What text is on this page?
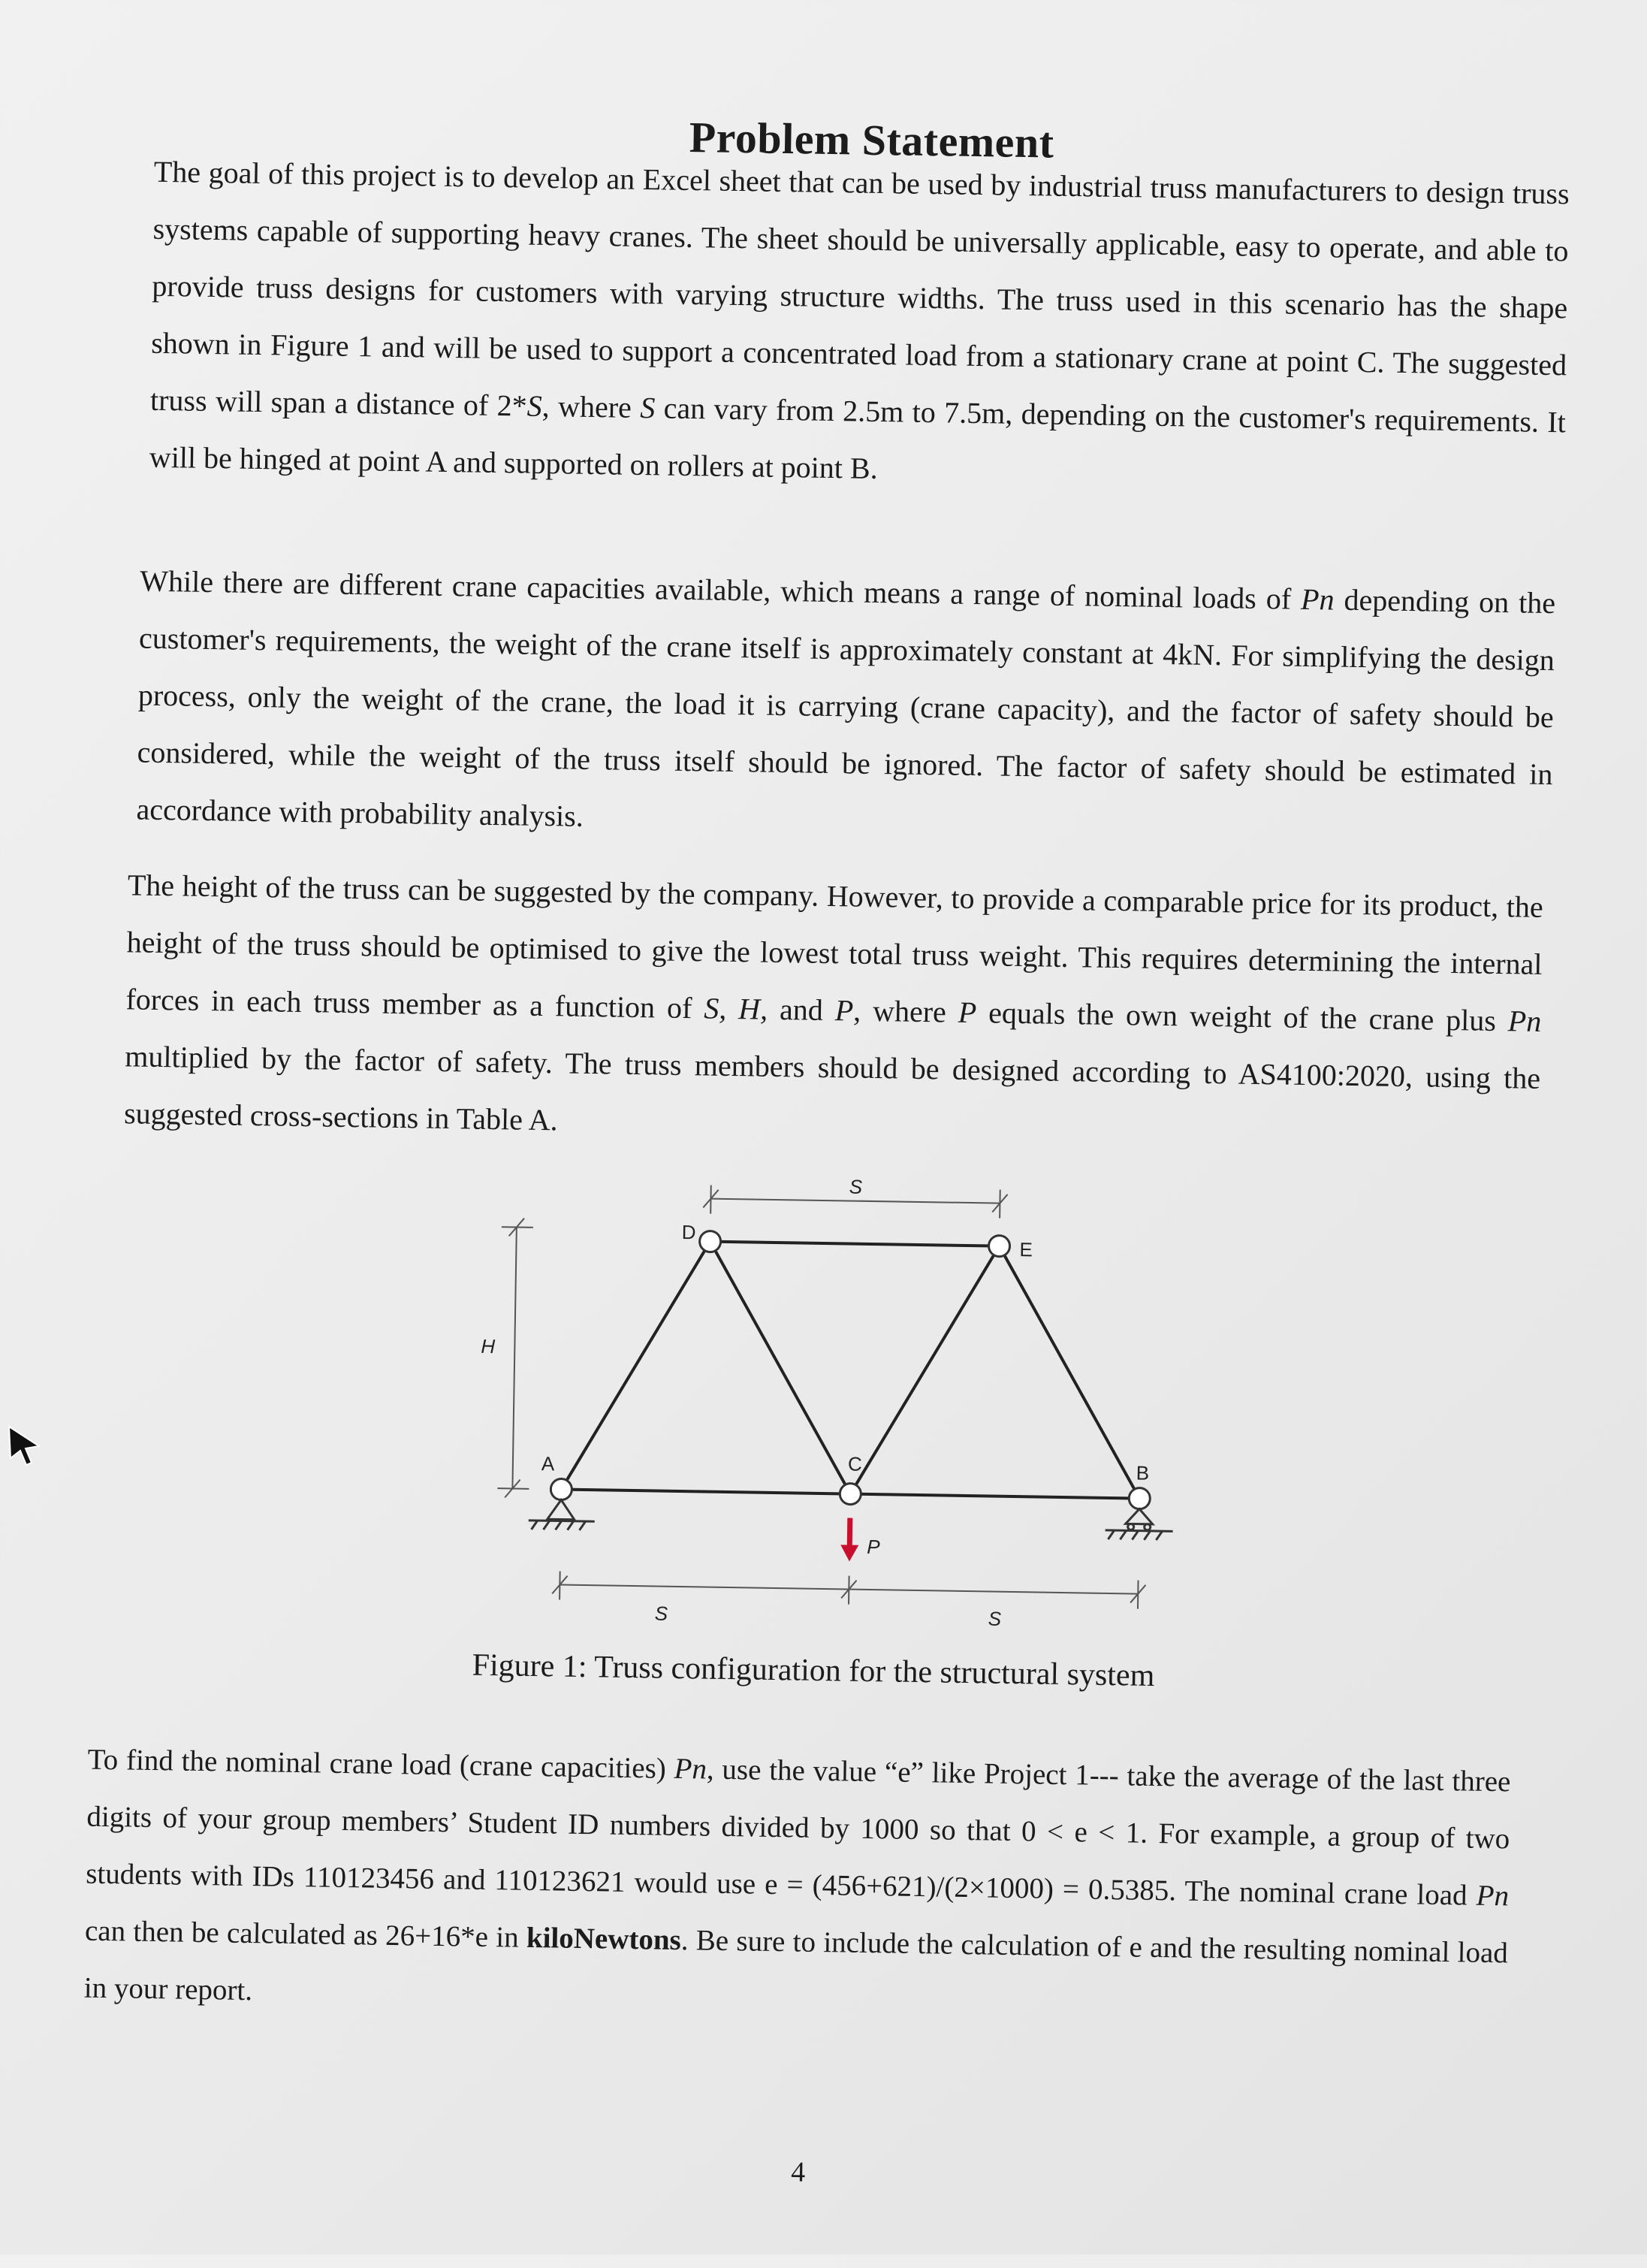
Problem Statement

The goal of this project is to develop an Excel sheet that can be used by industrial truss manufacturers to design truss systems capable of supporting heavy cranes. The sheet should be universally applicable, easy to operate, and able to provide truss designs for customers with varying structure widths. The truss used in this scenario has the shape shown in Figure 1 and will be used to support a concentrated load from a stationary crane at point C. The suggested truss will span a distance of 2*S, where S can vary from 2.5m to 7.5m, depending on the customer's requirements. It will be hinged at point A and supported on rollers at point B.

While there are different crane capacities available, which means a range of nominal loads of Pn depending on the customer's requirements, the weight of the crane itself is approximately constant at 4kN. For simplifying the design process, only the weight of the crane, the load it is carrying (crane capacity), and the factor of safety should be considered, while the weight of the truss itself should be ignored. The factor of safety should be estimated in accordance with probability analysis.

The height of the truss can be suggested by the company. However, to provide a comparable price for its product, the height of the truss should be optimised to give the lowest total truss weight. This requires determining the internal forces in each truss member as a function of S, H, and P, where P equals the own weight of the crane plus Pn multiplied by the factor of safety. The truss members should be designed according to AS4100:2020, using the suggested cross-sections in Table A.

A	C	B
D
E
H
S
S	S
P
Figure 1: Truss configuration for the structural system

To find the nominal crane load (crane capacities) Pn, use the value “e” like Project 1--- take the average of the last three digits of your group members’ Student ID numbers divided by 1000 so that 0 < e < 1. For example, a group of two students with IDs 110123456 and 110123621 would use e = (456+621)/(2×1000) = 0.5385. The nominal crane load Pn can then be calculated as 26+16*e in kiloNewtons. Be sure to include the calculation of e and the resulting nominal load in your report.

4
